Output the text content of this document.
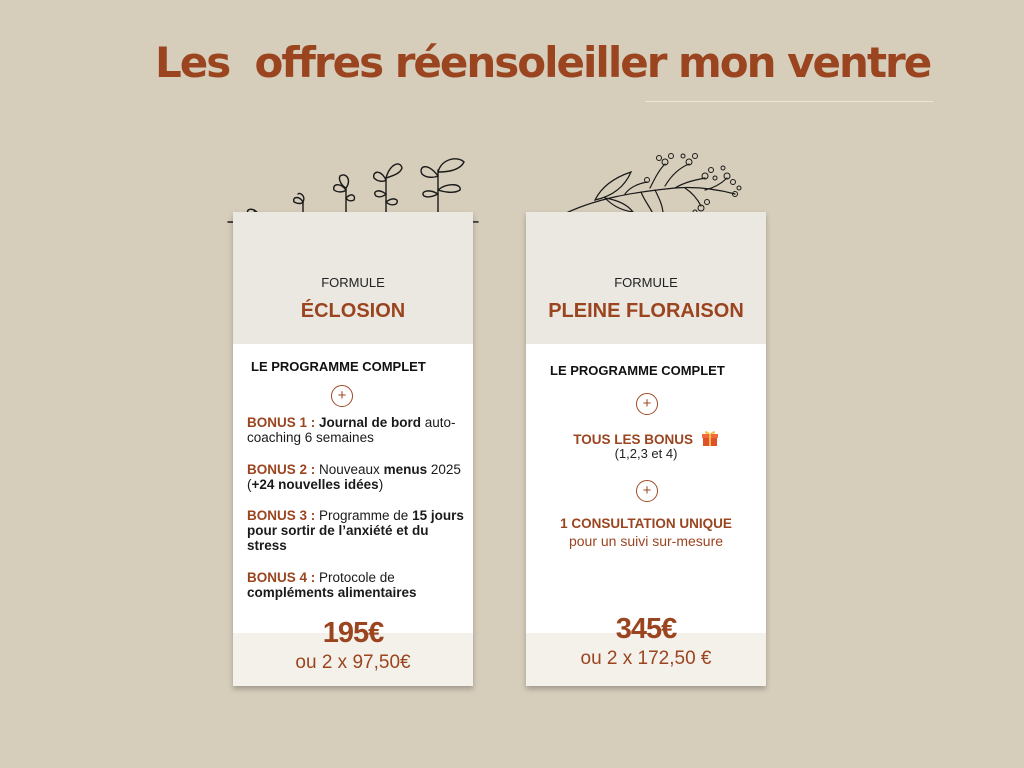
Les  offres réensoleiller mon ventre
FORMULE
ÉCLOSION
LE PROGRAMME COMPLET
+
BONUS 1 : Journal de bord auto-coaching 6 semaines
BONUS 2 : Nouveaux menus 2025 (+24 nouvelles idées)
BONUS 3 : Programme de 15 jours pour sortir de l’anxiété et du stress
BONUS 4 : Protocole de compléments alimentaires
195€
ou 2 x 97,50€
FORMULE
PLEINE FLORAISON
LE PROGRAMME COMPLET
+
TOUS LES BONUS
(1,2,3 et 4)
+
1 CONSULTATION UNIQUE
pour un suivi sur-mesure
345€
ou 2 x 172,50 €
